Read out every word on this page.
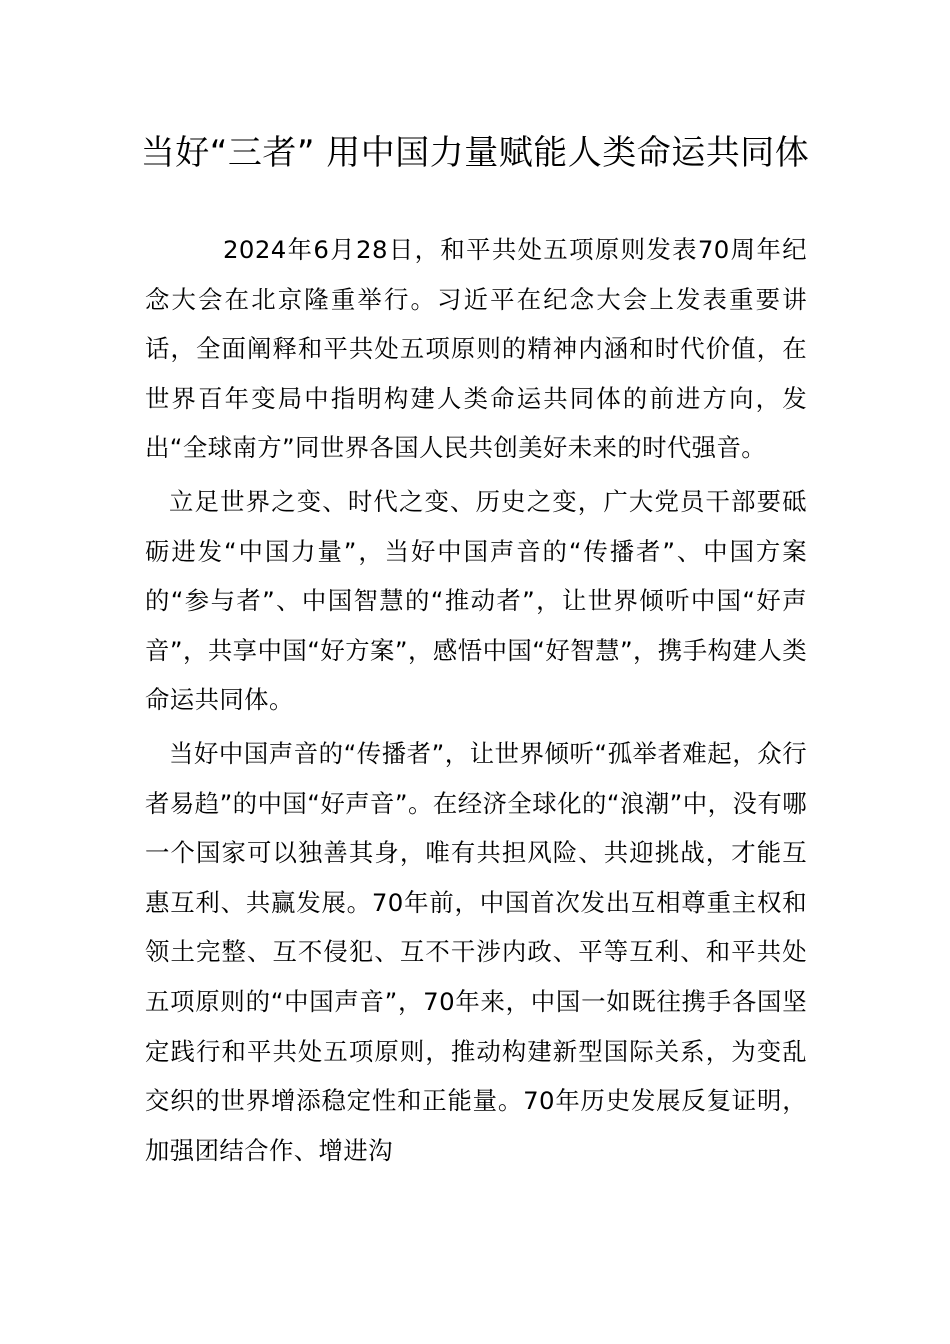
当好“三者” 用中国力量赋能人类命运共同体

2024年6月28日，和平共处五项原则发表70周年纪念大会在北京隆重举行。习近平在纪念大会上发表重要讲话，全面阐释和平共处五项原则的精神内涵和时代价值，在世界百年变局中指明构建人类命运共同体的前进方向，发出“全球南方”同世界各国人民共创美好未来的时代强音。

立足世界之变、时代之变、历史之变，广大党员干部要砥砺进发“中国力量”，当好中国声音的“传播者”、中国方案的“参与者”、中国智慧的“推动者”，让世界倾听中国“好声音”，共享中国“好方案”，感悟中国“好智慧”，携手构建人类命运共同体。

当好中国声音的“传播者”，让世界倾听“孤举者难起，众行者易趋”的中国“好声音”。在经济全球化的“浪潮”中，没有哪一个国家可以独善其身，唯有共担风险、共迎挑战，才能互惠互利、共赢发展。70年前，中国首次发出互相尊重主权和领土完整、互不侵犯、互不干涉内政、平等互利、和平共处五项原则的“中国声音”，70年来，中国一如既往携手各国坚定践行和平共处五项原则，推动构建新型国际关系，为变乱交织的世界增添稳定性和正能量。70年历史发展反复证明，加强团结合作、增进沟
